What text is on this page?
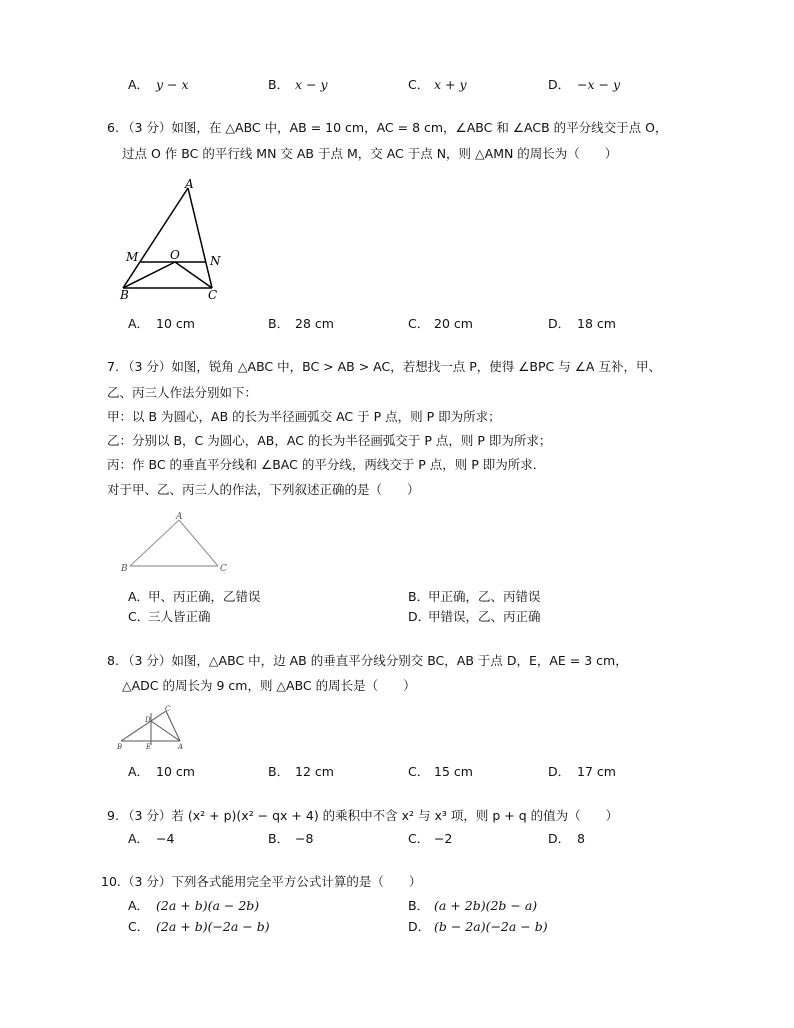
A． y − x	B． x − y	C． x + y	D． −x − y
6. （3 分）如图，在 △ABC 中，AB = 10 cm，AC = 8 cm，∠ABC 和 ∠ACB 的平分线交于点 O，
过点 O 作 BC 的平行线 MN 交 AB 于点 M，交 AC 于点 N，则 △AMN 的周长为（　　）
A
M	O	N
B	C
A． 10 cm	B． 28 cm	C． 20 cm	D． 18 cm
7. （3 分）如图，锐角 △ABC 中，BC > AB > AC，若想找一点 P，使得 ∠BPC 与 ∠A 互补，甲、
乙、丙三人作法分别如下：
甲：以 B 为圆心，AB 的长为半径画弧交 AC 于 P 点，则 P 即为所求；
乙：分别以 B，C 为圆心，AB，AC 的长为半径画弧交于 P 点，则 P 即为所求；
丙：作 BC 的垂直平分线和 ∠BAC 的平分线，两线交于 P 点，则 P 即为所求．
对于甲、乙、丙三人的作法，下列叙述正确的是（　　）
A
B	C
A．
甲、丙正确，乙错误	B．
甲正确，乙、丙错误
C．
三人皆正确	D．
甲错误，乙、丙正确
8. （3 分）如图，△ABC 中，边 AB 的垂直平分线分别交 BC，AB 于点 D，E，AE = 3 cm，
△ADC 的周长为 9 cm，则 △ABC 的周长是（　　）
B	E	A
D
C
A． 10 cm	B． 12 cm	C． 15 cm	D． 17 cm
9. （3 分）若 (x² + p)(x² − qx + 4) 的乘积中不含 x² 与 x³ 项，则 p + q 的值为（　　）
A． −4	B． −8	C． −2	D． 8
10. （3 分）下列各式能用完全平方公式计算的是（　　）
A． (2a + b)(a − 2b)	B． (a + 2b)(2b − a)
C． (2a + b)(−2a − b)	D． (b − 2a)(−2a − b)
